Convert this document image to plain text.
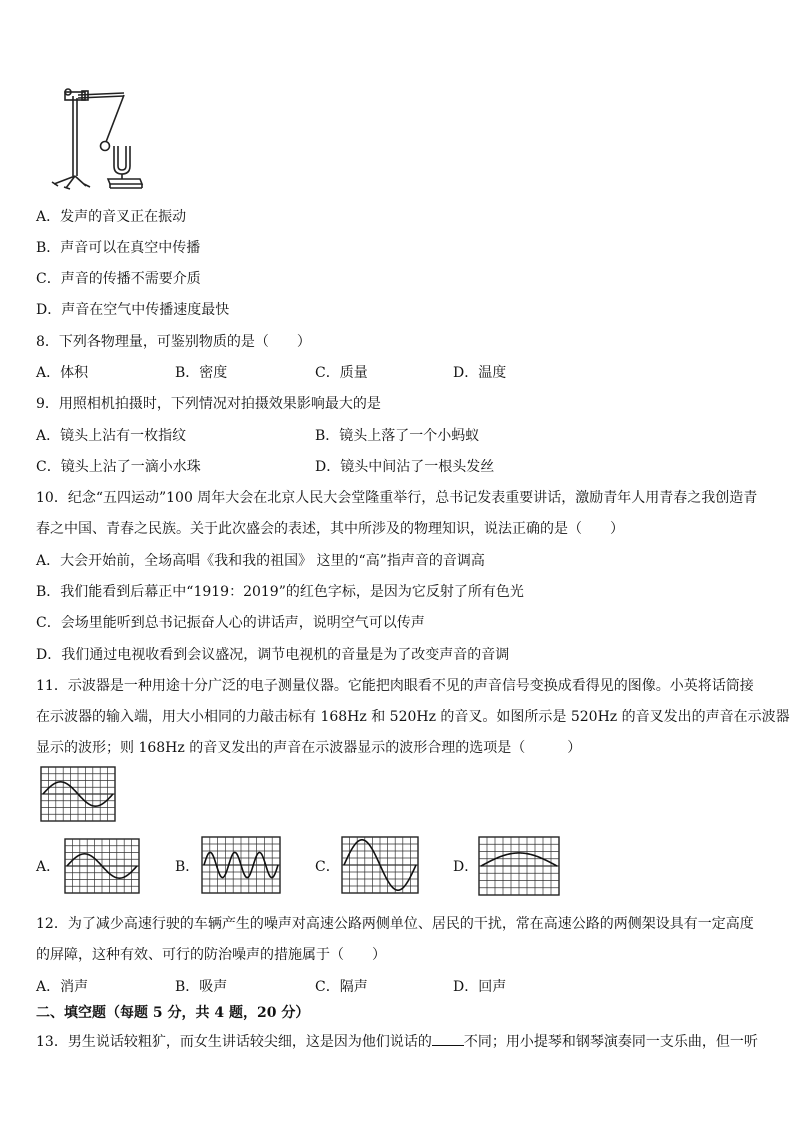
A．发声的音叉正在振动
B．声音可以在真空中传播
C．声音的传播不需要介质
D．声音在空气中传播速度最快
8．下列各物理量，可鉴别物质的是（　　）
A．体积	B．密度	C．质量	D．温度
9．用照相机拍摄时，下列情况对拍摄效果影响最大的是
A．镜头上沾有一枚指纹	B．镜头上落了一个小蚂蚁
C．镜头上沾了一滴小水珠	D．镜头中间沾了一根头发丝
10．纪念“五四运动”100 周年大会在北京人民大会堂隆重举行，总书记发表重要讲话，激励青年人用青春之我创造青
春之中国、青春之民族。关于此次盛会的表述，其中所涉及的物理知识，说法正确的是（　　）
A．大会开始前，全场高唱《我和我的祖国》 这里的“高”指声音的音调高
B．我们能看到后幕正中“1919：2019”的红色字标，是因为它反射了所有色光
C．会场里能听到总书记振奋人心的讲话声，说明空气可以传声
D．我们通过电视收看到会议盛况，调节电视机的音量是为了改变声音的音调
11．示波器是一种用途十分广泛的电子测量仪器。它能把肉眼看不见的声音信号变换成看得见的图像。小英将话筒接
在示波器的输入端，用大小相同的力敲击标有 168Hz 和 520Hz 的音叉。如图所示是 520Hz 的音叉发出的声音在示波器
显示的波形；则 168Hz 的音叉发出的声音在示波器显示的波形合理的选项是（　　　）
A．	B．	C．	D．
12．为了减少高速行驶的车辆产生的噪声对高速公路两侧单位、居民的干扰，常在高速公路的两侧架设具有一定高度
的屏障，这种有效、可行的防治噪声的措施属于（　　）
A．消声	B．吸声	C．隔声	D．回声
二、填空题（每题 5 分，共 4 题，20 分）
13．男生说话较粗犷，而女生讲话较尖细，这是因为他们说话的 不同；用小提琴和钢琴演奏同一支乐曲，但一听
